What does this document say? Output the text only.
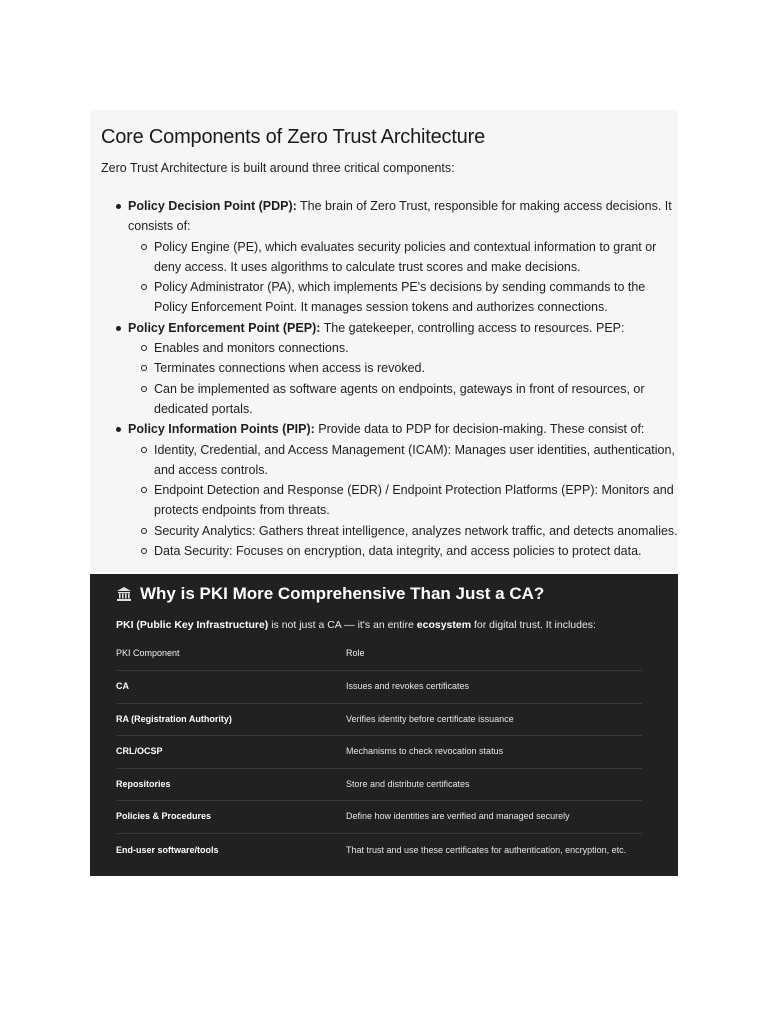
Core Components of Zero Trust Architecture

Zero Trust Architecture is built around three critical components:

Policy Decision Point (PDP): The brain of Zero Trust, responsible for making access decisions. It consists of:
Policy Engine (PE), which evaluates security policies and contextual information to grant or deny access. It uses algorithms to calculate trust scores and make decisions.
Policy Administrator (PA), which implements PE's decisions by sending commands to the Policy Enforcement Point. It manages session tokens and authorizes connections.
Policy Enforcement Point (PEP): The gatekeeper, controlling access to resources. PEP:
Enables and monitors connections.
Terminates connections when access is revoked.
Can be implemented as software agents on endpoints, gateways in front of resources, or dedicated portals.
Policy Information Points (PIP): Provide data to PDP for decision-making. These consist of:
Identity, Credential, and Access Management (ICAM): Manages user identities, authentication, and access controls.
Endpoint Detection and Response (EDR) / Endpoint Protection Platforms (EPP): Monitors and protects endpoints from threats.
Security Analytics: Gathers threat intelligence, analyzes network traffic, and detects anomalies.
Data Security: Focuses on encryption, data integrity, and access policies to protect data.
Why is PKI More Comprehensive Than Just a CA?

PKI (Public Key Infrastructure) is not just a CA — it's an entire ecosystem for digital trust. It includes:

PKI Component	Role
CA	Issues and revokes certificates
RA (Registration Authority)	Verifies identity before certificate issuance
CRL/OCSP	Mechanisms to check revocation status
Repositories	Store and distribute certificates
Policies & Procedures	Define how identities are verified and managed securely
End-user software/tools	That trust and use these certificates for authentication, encryption, etc.
